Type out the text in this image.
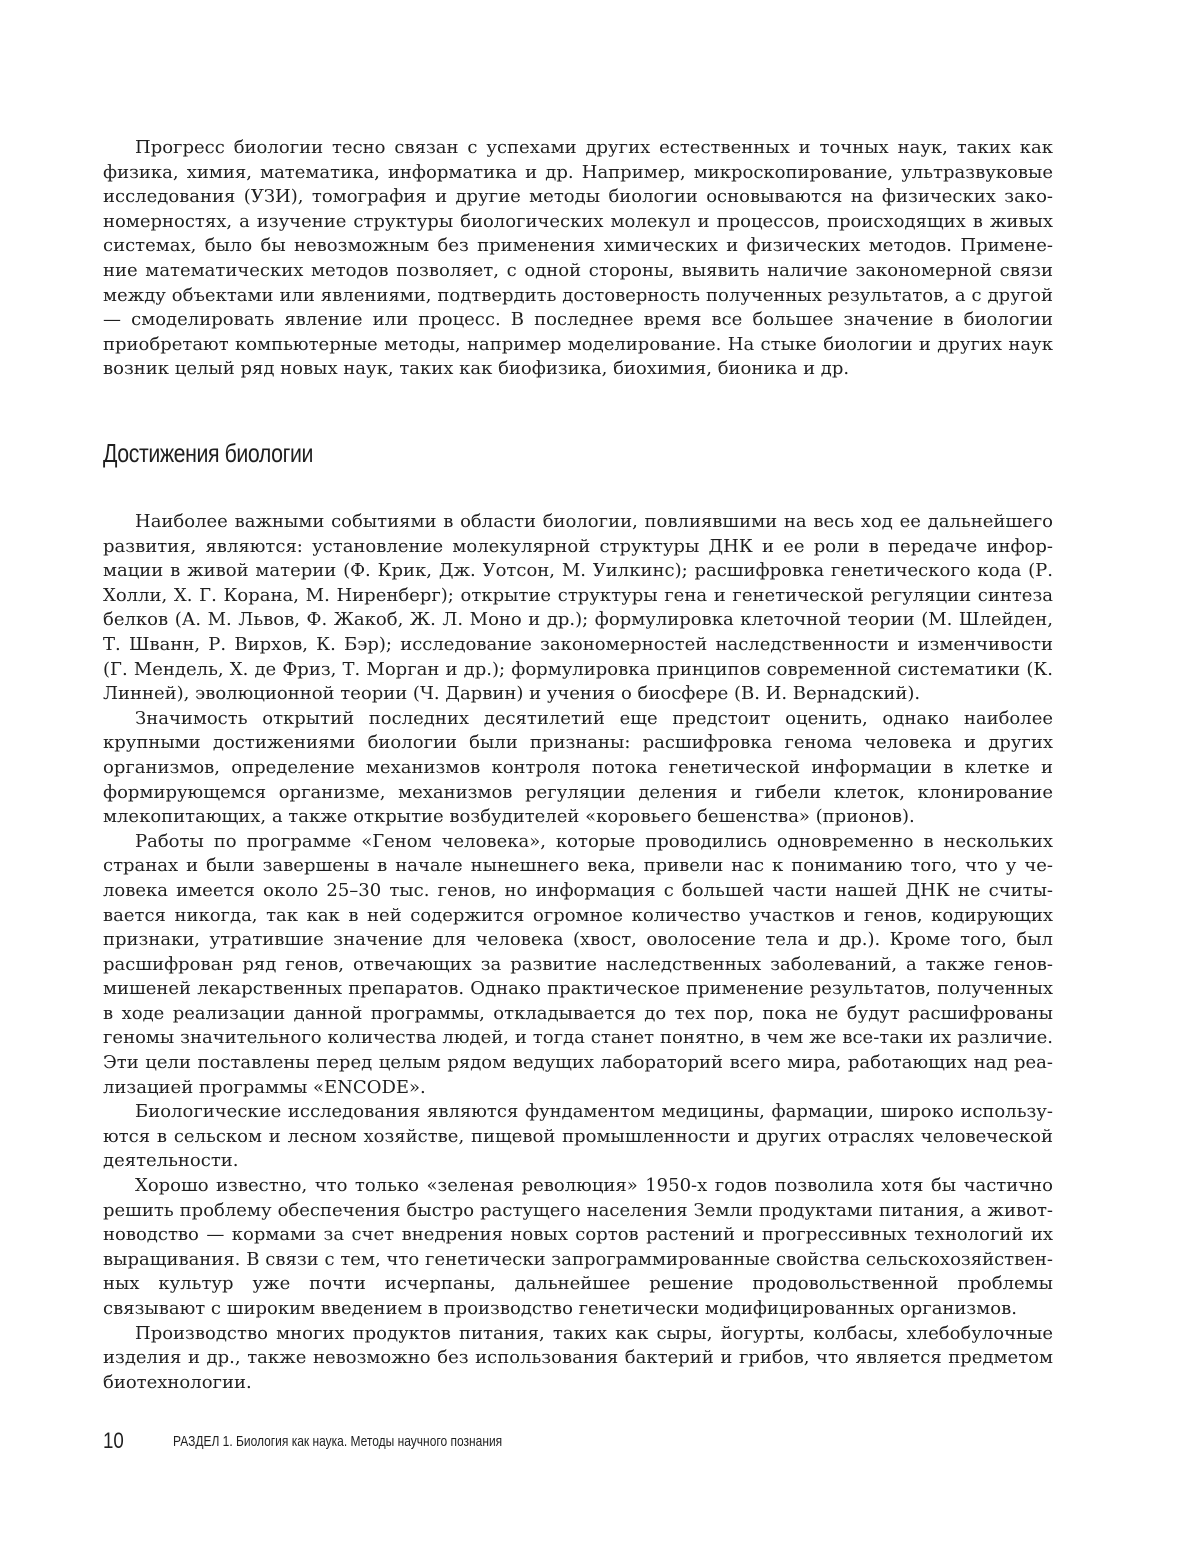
Прогресс биологии тесно связан с успехами других естественных и точных наук, таких как физика, химия, математика, информатика и др. Например, микроскопирование, ультразвуковые исследования (УЗИ), томография и другие методы биологии основываются на физических закономерностях, а изучение структуры биологических молекул и процессов, происходящих в живых системах, было бы невозможным без применения химических и физических методов. Применение математических методов позволяет, с одной стороны, выявить наличие закономерной связи между объектами или явлениями, подтвердить достоверность полученных результатов, а с другой — смоделировать явление или процесс. В последнее время все большее значение в биологии приобретают компьютерные методы, например моделирование. На стыке биологии и других наук возник целый ряд новых наук, таких как биофизика, биохимия, бионика и др.

Достижения биологии

Наиболее важными событиями в области биологии, повлиявшими на весь ход ее дальнейшего развития, являются: установление молекулярной структуры ДНК и ее роли в передаче информации в живой материи (Ф. Крик, Дж. Уотсон, М. Уилкинс); расшифровка генетического кода (Р. Холли, Х. Г. Корана, М. Ниренберг); открытие структуры гена и генетической регуляции синтеза белков (А. М. Львов, Ф. Жакоб, Ж. Л. Моно и др.); формулировка клеточной теории (М. Шлейден, Т. Шванн, Р. Вирхов, К. Бэр); исследование закономерностей наследственности и изменчивости (Г. Мендель, Х. де Фриз, Т. Морган и др.); формулировка принципов современной систематики (К. Линней), эволюционной теории (Ч. Дарвин) и учения о биосфере (В. И. Вернадский).

Значимость открытий последних десятилетий еще предстоит оценить, однако наиболее крупными достижениями биологии были признаны: расшифровка генома человека и других организмов, определение механизмов контроля потока генетической информации в клетке и формирующемся организме, механизмов регуляции деления и гибели клеток, клонирование млекопитающих, а также открытие возбудителей «коровьего бешенства» (прионов).

Работы по программе «Геном человека», которые проводились одновременно в нескольких странах и были завершены в начале нынешнего века, привели нас к пониманию того, что у человека имеется около 25–30 тыс. генов, но информация с большей части нашей ДНК не считывается никогда, так как в ней содержится огромное количество участков и генов, кодирующих признаки, утратившие значение для человека (хвост, оволосение тела и др.). Кроме того, был расшифрован ряд генов, отвечающих за развитие наследственных заболеваний, а также генов-мишеней лекарственных препаратов. Однако практическое применение результатов, полученных в ходе реализации данной программы, откладывается до тех пор, пока не будут расшифрованы геномы значительного количества людей, и тогда станет понятно, в чем же все-таки их различие. Эти цели поставлены перед целым рядом ведущих лабораторий всего мира, работающих над реализацией программы «ENCODE».

Биологические исследования являются фундаментом медицины, фармации, широко используются в сельском и лесном хозяйстве, пищевой промышленности и других отраслях человеческой деятельности.

Хорошо известно, что только «зеленая революция» 1950-х годов позволила хотя бы частично решить проблему обеспечения быстро растущего населения Земли продуктами питания, а животноводство — кормами за счет внедрения новых сортов растений и прогрессивных технологий их выращивания. В связи с тем, что генетически запрограммированные свойства сельскохозяйственных культур уже почти исчерпаны, дальнейшее решение продовольственной проблемы связывают с широким введением в производство генетически модифицированных организмов.

Производство многих продуктов питания, таких как сыры, йогурты, колбасы, хлебобулочные изделия и др., также невозможно без использования бактерий и грибов, что является предметом биотехнологии.

10	РАЗДЕЛ 1. Биология как наука. Методы научного познания
